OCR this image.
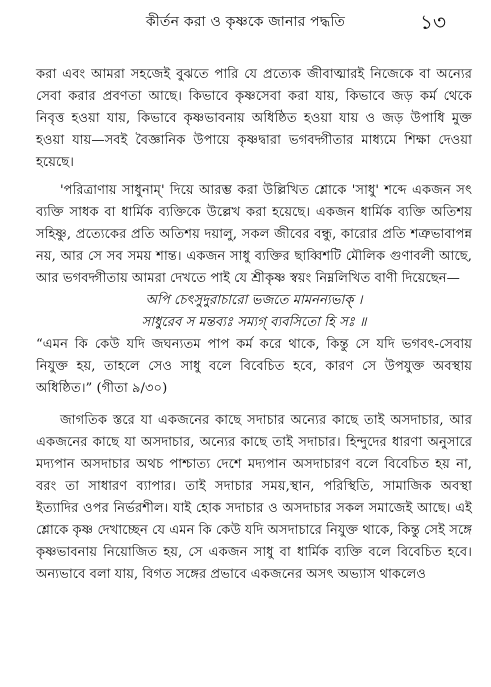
কীর্তন করা ও কৃষ্ণকে জানার পদ্ধতি	১৩

করা এবং আমরা সহজেই বুঝতে পারি যে প্রত্যেক জীবাত্মারই নিজেকে বা অন্যের সেবা করার প্রবণতা আছে। কিভাবে কৃষ্ণসেবা করা যায়, কিভাবে জড় কর্ম থেকে নিবৃত্ত হওয়া যায়, কিভাবে কৃষ্ণভাবনায় অধিষ্ঠিত হওয়া যায় ও জড় উপাধি মুক্ত হওয়া যায়—সবই বৈজ্ঞানিক উপায়ে কৃষ্ণদ্বারা ভগবদ্গীতার মাধ্যমে শিক্ষা দেওয়া হয়েছে।

'পরিত্রাণায় সাধুনাম্' দিয়ে আরম্ভ করা উল্লিখিত শ্লোকে 'সাধু' শব্দে একজন সৎ ব্যক্তি সাধক বা ধার্মিক ব্যক্তিকে উল্লেখ করা হয়েছে। একজন ধার্মিক ব্যক্তি অতিশয় সহিষ্ণু, প্রত্যেকের প্রতি অতিশয় দয়ালু, সকল জীবের বন্ধু, কারোর প্রতি শত্রুভাবাপন্ন নয়, আর সে সব সময় শান্ত। একজন সাধু ব্যক্তির ছাব্বিশটি মৌলিক গুণাবলী আছে, আর ভগবদ্গীতায় আমরা দেখতে পাই যে শ্রীকৃষ্ণ স্বয়ং নিম্নলিখিত বাণী দিয়েছেন—

অপি চেৎসুদুরাচারো ভজতে মামনন্যভাক্ ।

সাধুরেব স মন্তব্যঃ সম্যগ্ ব্যবসিতো হি সঃ ॥

“এমন কি কেউ যদি জঘন্যতম পাপ কর্ম করে থাকে, কিন্তু সে যদি ভগবৎ-সেবায় নিযুক্ত হয়, তাহলে সেও সাধু বলে বিবেচিত হবে, কারণ সে উপযুক্ত অবস্থায় অধিষ্ঠিত।” (গীতা ৯/৩০)

জাগতিক স্তরে যা একজনের কাছে সদাচার অন্যের কাছে তাই অসদাচার, আর একজনের কাছে যা অসদাচার, অন্যের কাছে তাই সদাচার। হিন্দুদের ধারণা অনুসারে মদ্যপান অসদাচার অথচ পাশ্চাত্য দেশে মদ্যপান অসদাচারণ বলে বিবেচিত হয় না, বরং তা সাধারণ ব্যাপার। তাই সদাচার সময়,স্থান, পরিস্থিতি, সামাজিক অবস্থা ইত্যাদির ওপর নির্ভরশীল। যাই হোক সদাচার ও অসদাচার সকল সমাজেই আছে। এই শ্লোকে কৃষ্ণ দেখাচ্ছেন যে এমন কি কেউ যদি অসদাচারে নিযুক্ত থাকে, কিন্তু সেই সঙ্গে কৃষ্ণভাবনায় নিয়োজিত হয়, সে একজন সাধু বা ধার্মিক ব্যক্তি বলে বিবেচিত হবে। অন্যভাবে বলা যায়, বিগত সঙ্গের প্রভাবে একজনের অসৎ অভ্যাস থাকলেও
